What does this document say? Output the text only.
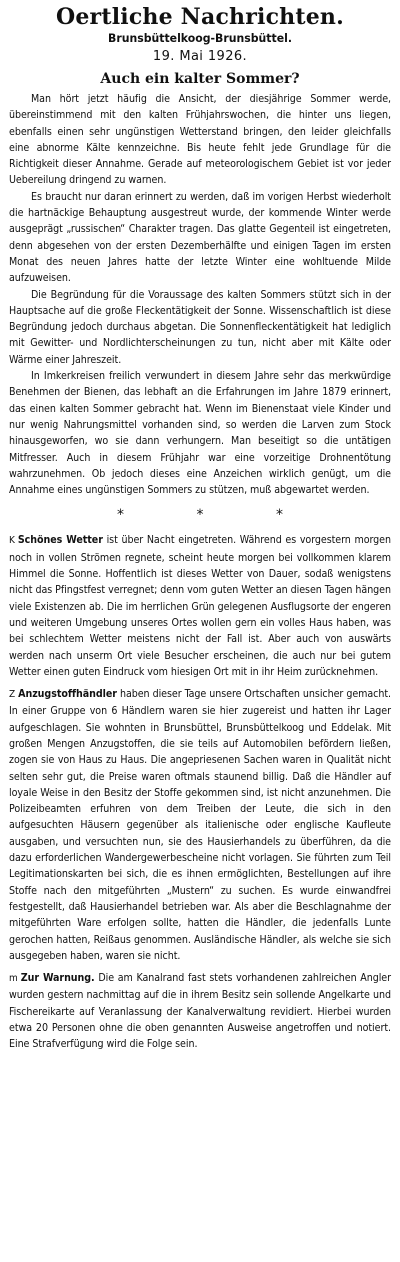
Oertliche Nachrichten.
Brunsbüttelkoog-Brunsbüttel.
19. Mai 1926.
Auch ein kalter Sommer?

Man hört jetzt häufig die Ansicht, der diesjährige Sommer werde, übereinstimmend mit den kalten Frühjahrswochen, die hinter uns liegen, ebenfalls einen sehr ungünstigen Wetterstand bringen, den leider gleichfalls eine abnorme Kälte kennzeichne. Bis heute fehlt jede Grundlage für die Richtigkeit dieser Annahme. Gerade auf meteorologischem Gebiet ist vor jeder Uebereilung dringend zu warnen.

Es braucht nur daran erinnert zu werden, daß im vorigen Herbst wiederholt die hartnäckige Behauptung ausgestreut wurde, der kommende Winter werde ausgeprägt „russischen“ Charakter tragen. Das glatte Gegenteil ist eingetreten, denn abgesehen von der ersten Dezemberhälfte und einigen Tagen im ersten Monat des neuen Jahres hatte der letzte Winter eine wohltuende Milde aufzuweisen.

Die Begründung für die Voraussage des kalten Sommers stützt sich in der Hauptsache auf die große Fleckentätigkeit der Sonne. Wissenschaftlich ist diese Begründung jedoch durchaus abgetan. Die Sonnenfleckentätigkeit hat lediglich mit Gewitter- und Nordlichterscheinungen zu tun, nicht aber mit Kälte oder Wärme einer Jahreszeit.

In Imkerkreisen freilich verwundert in diesem Jahre sehr das merkwürdige Benehmen der Bienen, das lebhaft an die Erfahrungen im Jahre 1879 erinnert, das einen kalten Sommer gebracht hat. Wenn im Bienenstaat viele Kinder und nur wenig Nahrungsmittel vorhanden sind, so werden die Larven zum Stock hinausgeworfen, wo sie dann verhungern. Man beseitigt so die untätigen Mitfresser. Auch in diesem Frühjahr war eine vorzeitige Drohnentötung wahrzunehmen. Ob jedoch dieses eine Anzeichen wirklich genügt, um die Annahme eines ungünstigen Sommers zu stützen, muß abgewartet werden.

* * *

K Schönes Wetter ist über Nacht eingetreten. Während es vorgestern morgen noch in vollen Strömen regnete, scheint heute morgen bei vollkommen klarem Himmel die Sonne. Hoffentlich ist dieses Wetter von Dauer, sodaß wenigstens nicht das Pfingstfest verregnet; denn vom guten Wetter an diesen Tagen hängen viele Existenzen ab. Die im herrlichen Grün gelegenen Ausflugsorte der engeren und weiteren Umgebung unseres Ortes wollen gern ein volles Haus haben, was bei schlechtem Wetter meistens nicht der Fall ist. Aber auch von auswärts werden nach unserm Ort viele Besucher erscheinen, die auch nur bei gutem Wetter einen guten Eindruck vom hiesigen Ort mit in ihr Heim zurücknehmen.

Z Anzugstoffhändler haben dieser Tage unsere Ortschaften unsicher gemacht. In einer Gruppe von 6 Händlern waren sie hier zugereist und hatten ihr Lager aufgeschlagen. Sie wohnten in Brunsbüttel, Brunsbüttelkoog und Eddelak. Mit großen Mengen Anzugstoffen, die sie teils auf Automobilen befördern ließen, zogen sie von Haus zu Haus. Die angepriesenen Sachen waren in Qualität nicht selten sehr gut, die Preise waren oftmals staunend billig. Daß die Händler auf loyale Weise in den Besitz der Stoffe gekommen sind, ist nicht anzunehmen. Die Polizeibeamten erfuhren von dem Treiben der Leute, die sich in den aufgesuchten Häusern gegenüber als italienische oder englische Kaufleute ausgaben, und versuchten nun, sie des Hausierhandels zu überführen, da die dazu erforderlichen Wandergewerbescheine nicht vorlagen. Sie führten zum Teil Legitimationskarten bei sich, die es ihnen ermöglichten, Bestellungen auf ihre Stoffe nach den mitgeführten „Mustern“ zu suchen. Es wurde einwandfrei festgestellt, daß Hausierhandel betrieben war. Als aber die Beschlagnahme der mitgeführten Ware erfolgen sollte, hatten die Händler, die jedenfalls Lunte gerochen hatten, Reißaus genommen. Ausländische Händler, als welche sie sich ausgegeben haben, waren sie nicht.

m Zur Warnung. Die am Kanalrand fast stets vorhandenen zahlreichen Angler wurden gestern nachmittag auf die in ihrem Besitz sein sollende Angelkarte und Fischereikarte auf Veranlassung der Kanalverwaltung revidiert. Hierbei wurden etwa 20 Personen ohne die oben genannten Ausweise angetroffen und notiert. Eine Strafverfügung wird die Folge sein.
